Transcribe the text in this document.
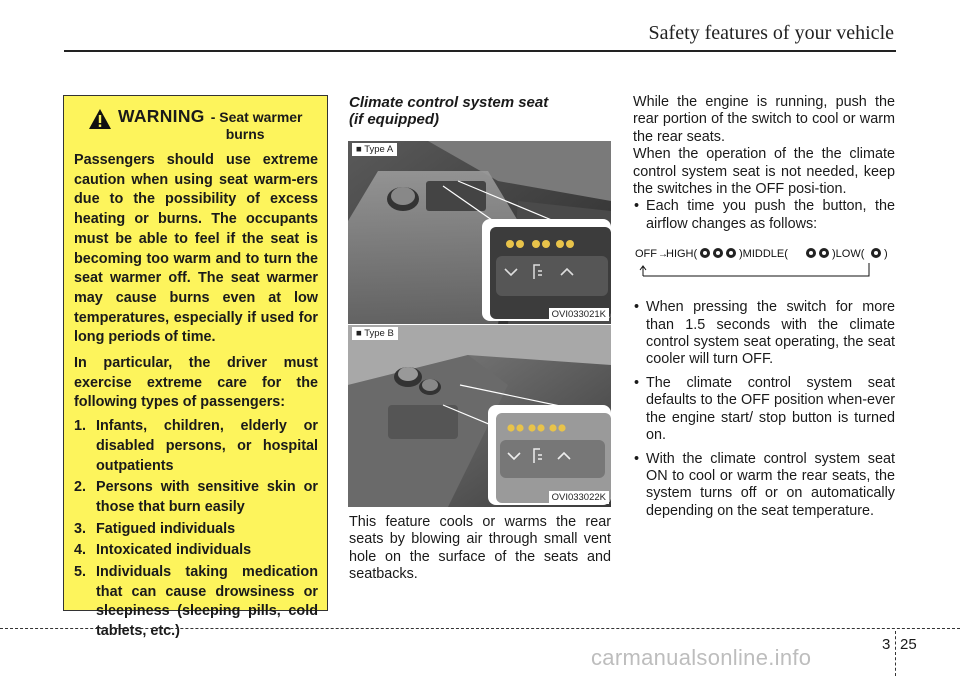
Safety features of your vehicle
WARNING - Seat warmer
burns

Passengers should use extreme caution when using seat warm-ers due to the possibility of excess heating or burns. The occupants must be able to feel if the seat is becoming too warm and to turn the seat warmer off. The seat warmer may cause burns even at low temperatures, especially if used for long periods of time.

In particular, the driver must exercise extreme care for the following types of passengers:

1. Infants, children, elderly or disabled persons, or hospital outpatients
2. Persons with sensitive skin or those that burn easily
3. Fatigued individuals
4. Intoxicated individuals
5. Individuals taking medication that can cause drowsiness or sleepiness (sleeping pills, cold tablets, etc.)
Climate control system seat
(if equipped)
■ Type A
OVI033021K
■ Type B
OVI033022K
This feature cools or warms the rear seats by blowing air through small vent hole on the surface of the seats and seatbacks.

While the engine is running, push the rear portion of the switch to cool or warm the rear seats.

When the operation of the the climate control system seat is not needed, keep the switches in the OFF posi-tion.

• Each time you push the button, the airflow changes as follows:
OFF →
HIGH(	)MIDDLE(	)LOW( )
• When pressing the switch for more than 1.5 seconds with the climate control system seat operating, the seat cooler will turn OFF.
• The climate control system seat defaults to the OFF position when-ever the engine start/ stop button is turned on.
• With the climate control system seat ON to cool or warm the rear seats, the system turns off or on automatically depending on the seat temperature.
3 25
carmanualsonline.info
